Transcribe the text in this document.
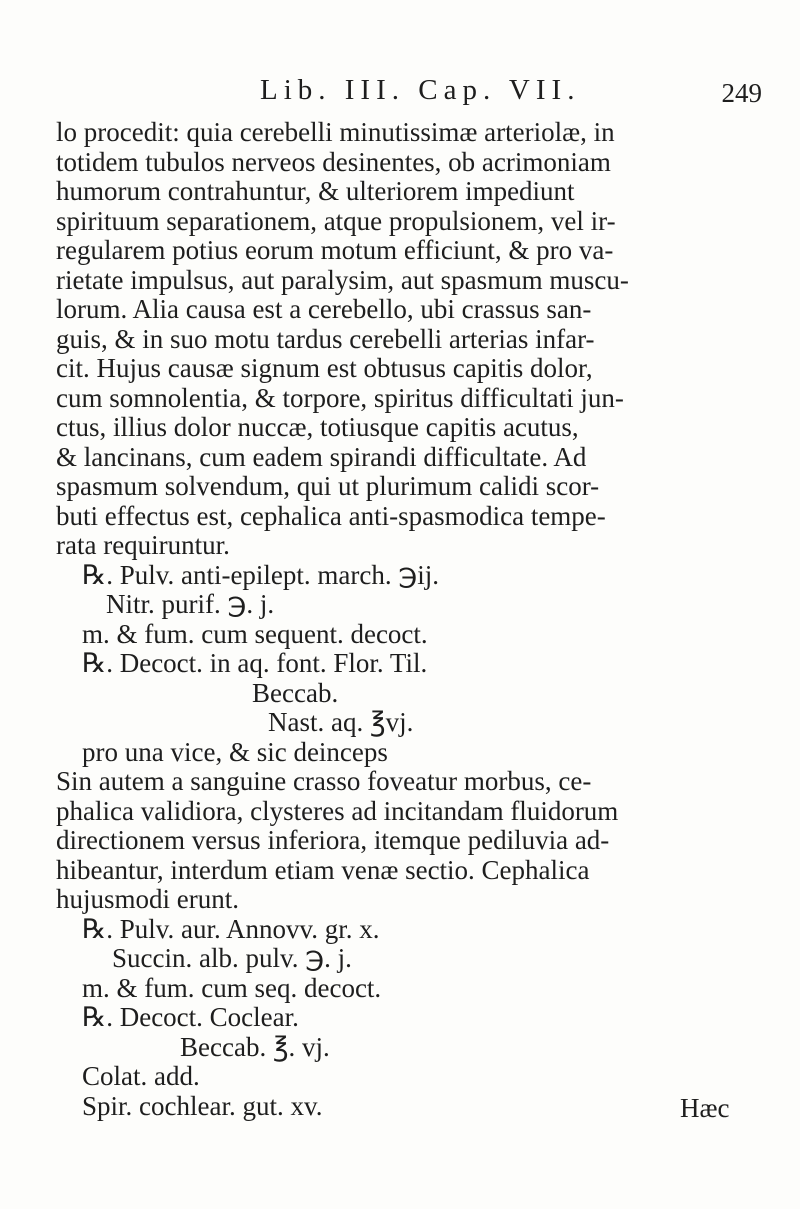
Lib. III. Cap. VII.	249
lo procedit: quia cerebelli minutissimæ arteriolæ, in
totidem tubulos nerveos desinentes, ob acrimoniam
humorum contrahuntur, & ulteriorem impediunt
spirituum separationem, atque propulsionem, vel ir-
regularem potius eorum motum efficiunt, & pro va-
rietate impulsus, aut paralysim, aut spasmum muscu-
lorum. Alia causa est a cerebello, ubi crassus san-
guis, & in suo motu tardus cerebelli arterias infar-
cit. Hujus causæ signum est obtusus capitis dolor,
cum somnolentia, & torpore, spiritus difficultati jun-
ctus, illius dolor nuccæ, totiusque capitis acutus,
& lancinans, cum eadem spirandi difficultate. Ad
spasmum solvendum, qui ut plurimum calidi scor-
buti effectus est, cephalica anti-spasmodica tempe-
rata requiruntur.
℞. Pulv. anti-epilept. march. ℈ij.
Nitr. purif. ℈. j.
m. & fum. cum sequent. decoct.
℞. Decoct. in aq. font. Flor. Til.
Beccab.
Nast. aq. ℥vj.
pro una vice, & sic deinceps
Sin autem a sanguine crasso foveatur morbus, ce-
phalica validiora, clysteres ad incitandam fluidorum
directionem versus inferiora, itemque pediluvia ad-
hibeantur, interdum etiam venæ sectio. Cephalica
hujusmodi erunt.
℞. Pulv. aur. Annovv. gr. x.
Succin. alb. pulv. ℈. j.
m. & fum. cum seq. decoct.
℞. Decoct. Coclear.
Beccab. ℥. vj.
Colat. add.
Spir. cochlear. gut. xv.	Hæc
